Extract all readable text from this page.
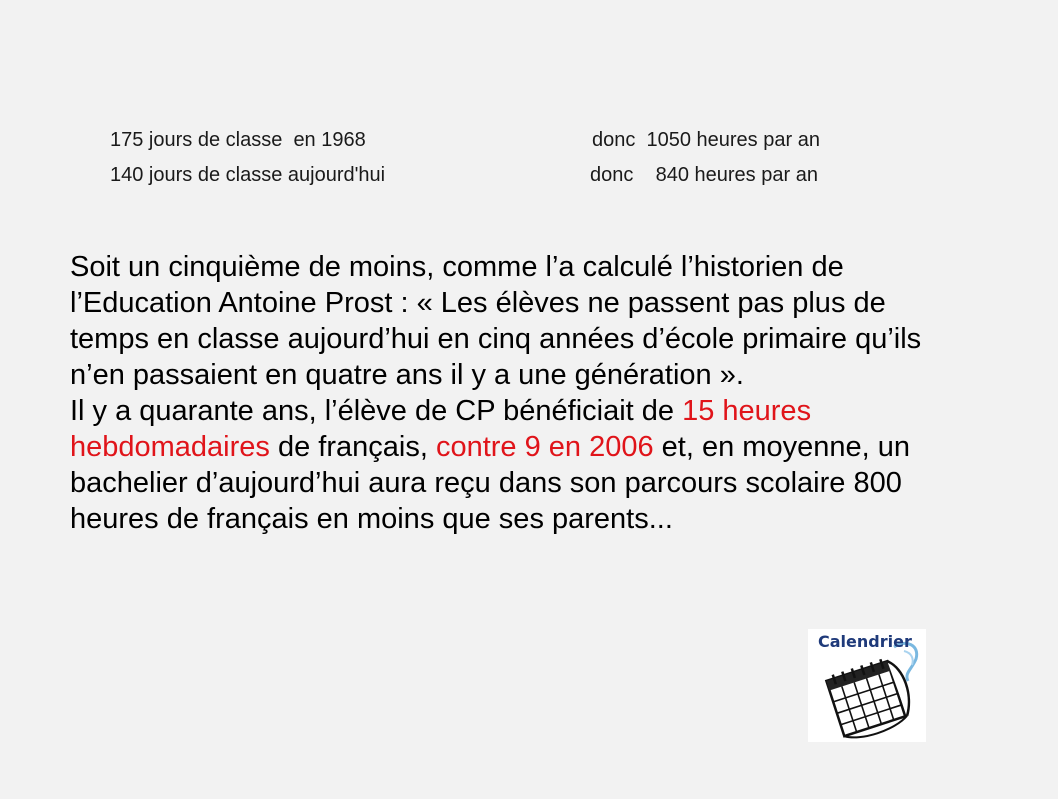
175 jours de classe  en 1968	donc  1050 heures par an
140 jours de classe aujourd'hui	donc    840 heures par an

Soit un cinquième de moins, comme l’a calculé l’historien de l’Education Antoine Prost : « Les élèves ne passent pas plus de temps en classe aujourd’hui en cinq années d’école primaire qu’ils n’en passaient en quatre ans il y a une génération ».

Il y a quarante ans, l’élève de CP bénéficiait de 15 heures hebdomadaires de français, contre 9 en 2006 et, en moyenne, un bachelier d’aujourd’hui aura reçu dans son parcours scolaire 800 heures de français en moins que ses parents...

Calendrier
